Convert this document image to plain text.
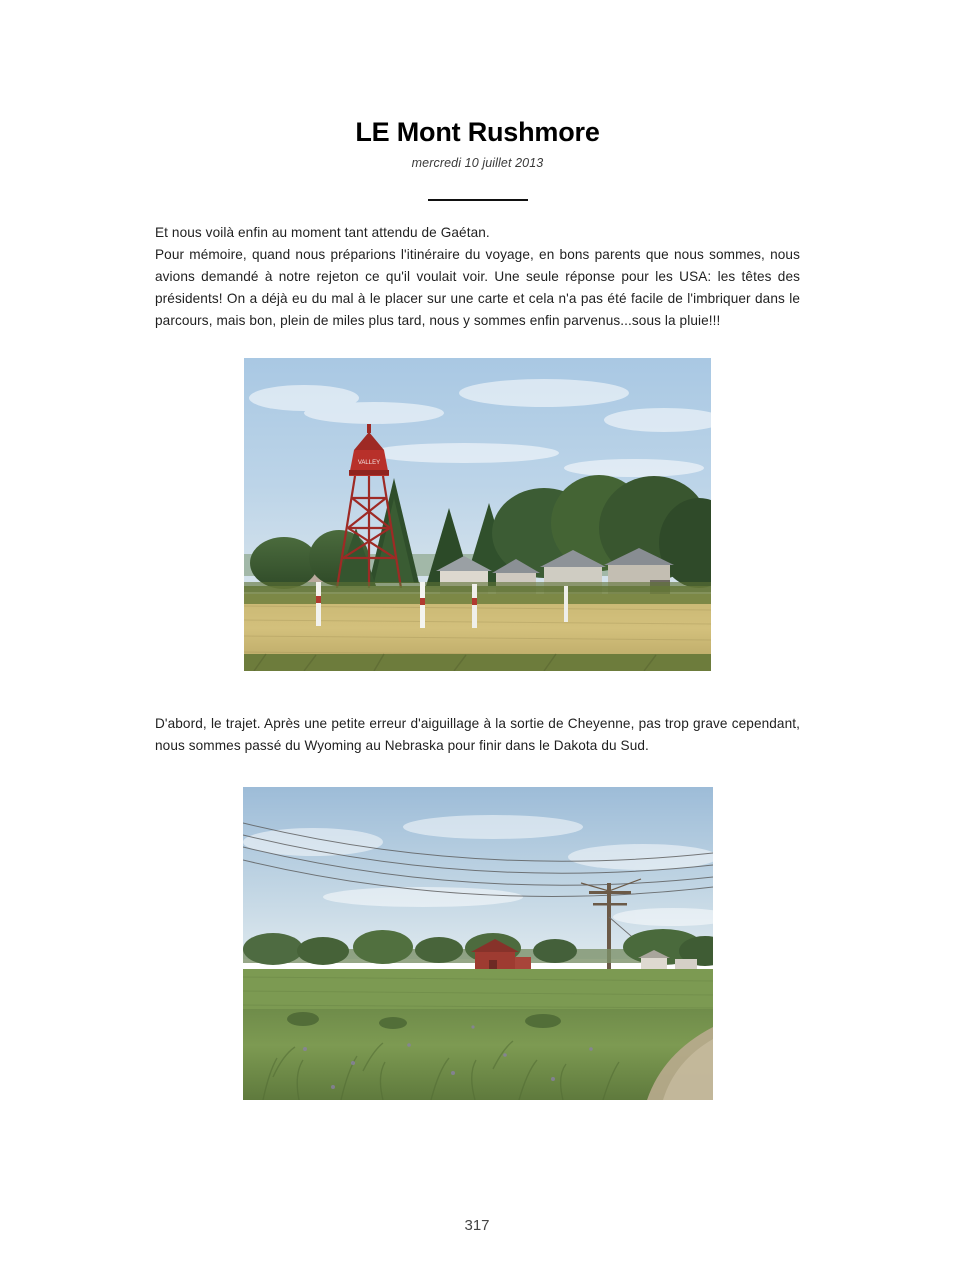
LE Mont Rushmore
mercredi 10 juillet 2013

Et nous voilà enfin au moment tant attendu de Gaétan.

Pour mémoire, quand nous préparions l'itinéraire du voyage, en bons parents que nous sommes, nous avions demandé à notre rejeton ce qu'il voulait voir. Une seule réponse pour les USA: les têtes des présidents! On a déjà eu du mal à le placer sur une carte et cela n'a pas été facile de l'imbriquer dans le parcours, mais bon, plein de miles plus tard, nous y sommes enfin parvenus...sous la pluie!!!

VALLEY

D'abord, le trajet. Après une petite erreur d'aiguillage à la sortie de Cheyenne, pas trop grave cependant, nous sommes passé du Wyoming au Nebraska pour finir dans le Dakota du Sud.

317
